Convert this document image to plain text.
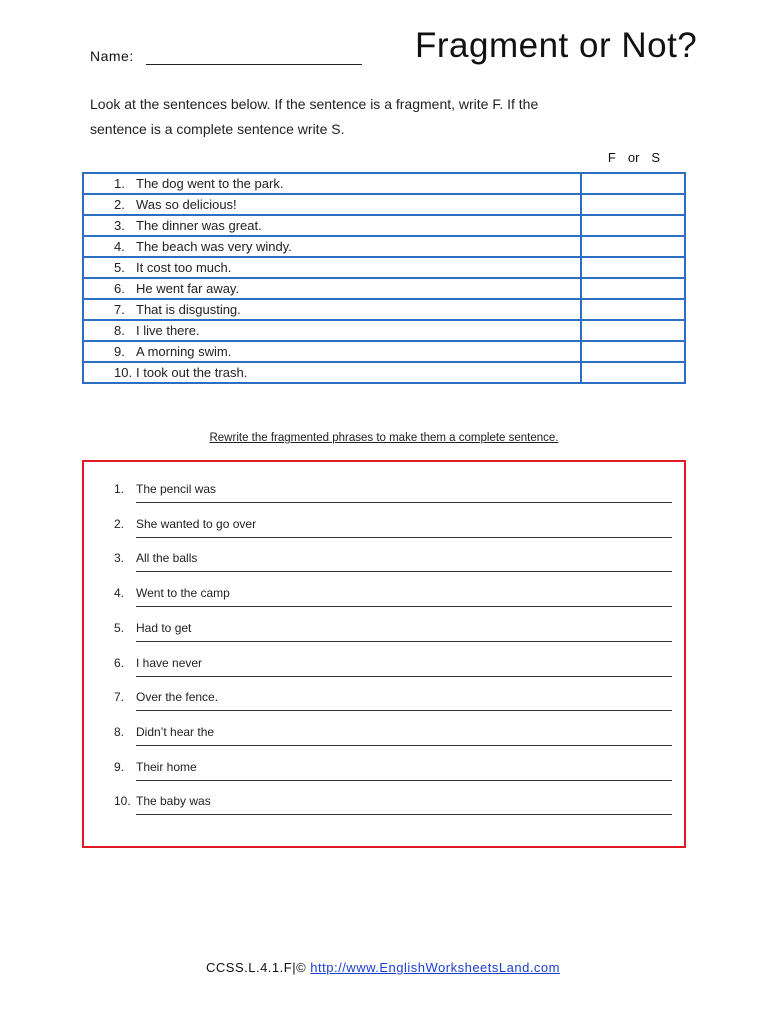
Name:	Fragment or Not?
Look at the sentences below. If the sentence is a fragment, write F. If the
sentence is a complete sentence write S.
F or S
1. The dog went to the park.	
2. Was so delicious!	
3. The dinner was great.	
4. The beach was very windy.	
5. It cost too much.	
6. He went far away.	
7. That is disgusting.	
8. I live there.	
9. A morning swim.	
10. I took out the trash.	
Rewrite the fragmented phrases to make them a complete sentence.
1. The pencil was
2. She wanted to go over
3. All the balls
4. Went to the camp
5. Had to get
6. I have never
7. Over the fence.
8. Didn’t hear the
9. Their home
10. The baby was
CCSS.L.4.1.F|© http://www.EnglishWorksheetsLand.com
